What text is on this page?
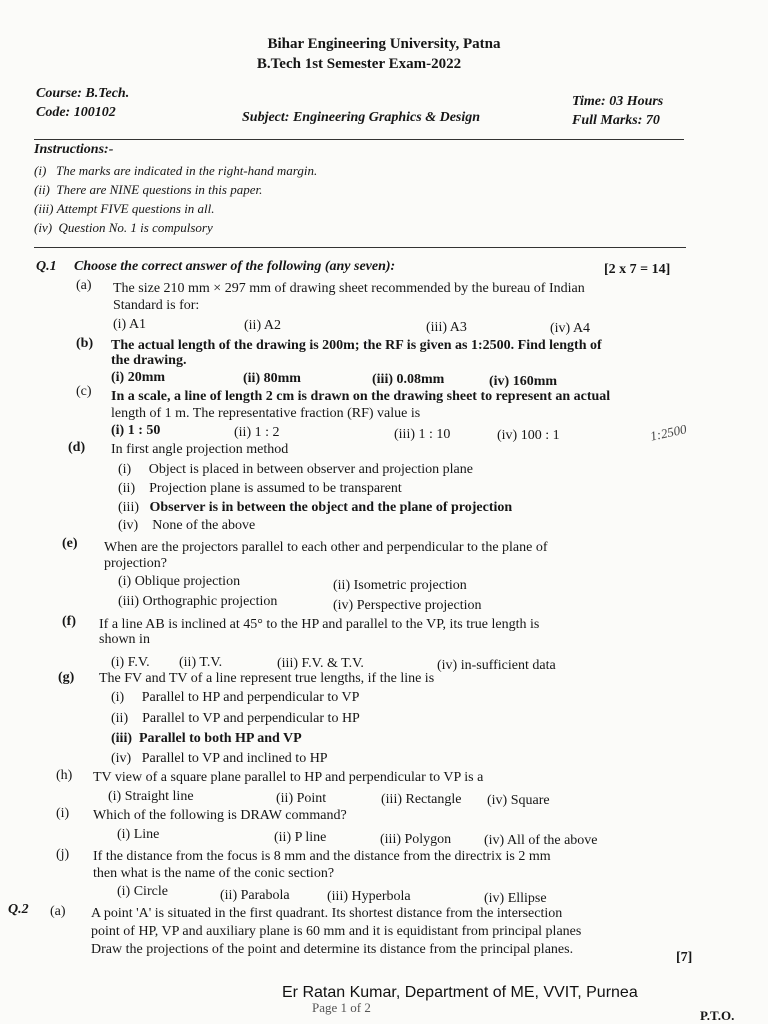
Bihar Engineering University, Patna
B.Tech 1st Semester Exam-2022
Course: B.Tech.
Code: 100102	Subject: Engineering Graphics & Design
Time: 03 Hours
Full Marks: 70
Instructions:-
(i) The marks are indicated in the right-hand margin.
(ii) There are NINE questions in this paper.
(iii) Attempt FIVE questions in all.
(iv) Question No. 1 is compulsory
Q.1 Choose the correct answer of the following (any seven):	[2 x 7 = 14]
(a) The size 210 mm × 297 mm of drawing sheet recommended by the bureau of Indian
Standard is for:
(i) A1	(ii) A2	(iii) A3	(iv) A4
(b) The actual length of the drawing is 200m; the RF is given as 1:2500. Find length of
the drawing.
(i) 20mm	(ii) 80mm	(iii) 0.08mm	(iv) 160mm
(c) In a scale, a line of length 2 cm is drawn on the drawing sheet to represent an actual
length of 1 m. The representative fraction (RF) value is
(i) 1 : 50	(ii) 1 : 2	(iii) 1 : 10	(iv) 100 : 1	1:2500
(d) In first angle projection method
(i) Object is placed in between observer and projection plane
(ii) Projection plane is assumed to be transparent
(iii) Observer is in between the object and the plane of projection
(iv) None of the above
(e) When are the projectors parallel to each other and perpendicular to the plane of
projection?
(i) Oblique projection	(ii) Isometric projection
(iii) Orthographic projection	(iv) Perspective projection
(f) If a line AB is inclined at 45° to the HP and parallel to the VP, its true length is
shown in
(i) F.V. (ii) T.V.	(iii) F.V. & T.V.	(iv) in-sufficient data
(g) The FV and TV of a line represent true lengths, if the line is
(i) Parallel to HP and perpendicular to VP
(ii) Parallel to VP and perpendicular to HP
(iii) Parallel to both HP and VP
(iv) Parallel to VP and inclined to HP
(h) TV view of a square plane parallel to HP and perpendicular to VP is a
(i) Straight line	(ii) Point	(iii) Rectangle (iv) Square
(i) Which of the following is DRAW command?
(i) Line	(ii) P line	(iii) Polygon (iv) All of the above
(j) If the distance from the focus is 8 mm and the distance from the directrix is 2 mm
then what is the name of the conic section?
(i) Circle	(ii) Parabola	(iii) Hyperbola	(iv) Ellipse
Q.2 (a) A point 'A' is situated in the first quadrant. Its shortest distance from the intersection
point of HP, VP and auxiliary plane is 60 mm and it is equidistant from principal planes
Draw the projections of the point and determine its distance from the principal planes.
[7]
Er Ratan Kumar, Department of ME, VVIT, Purnea
Page 1 of 2
P.T.O.
